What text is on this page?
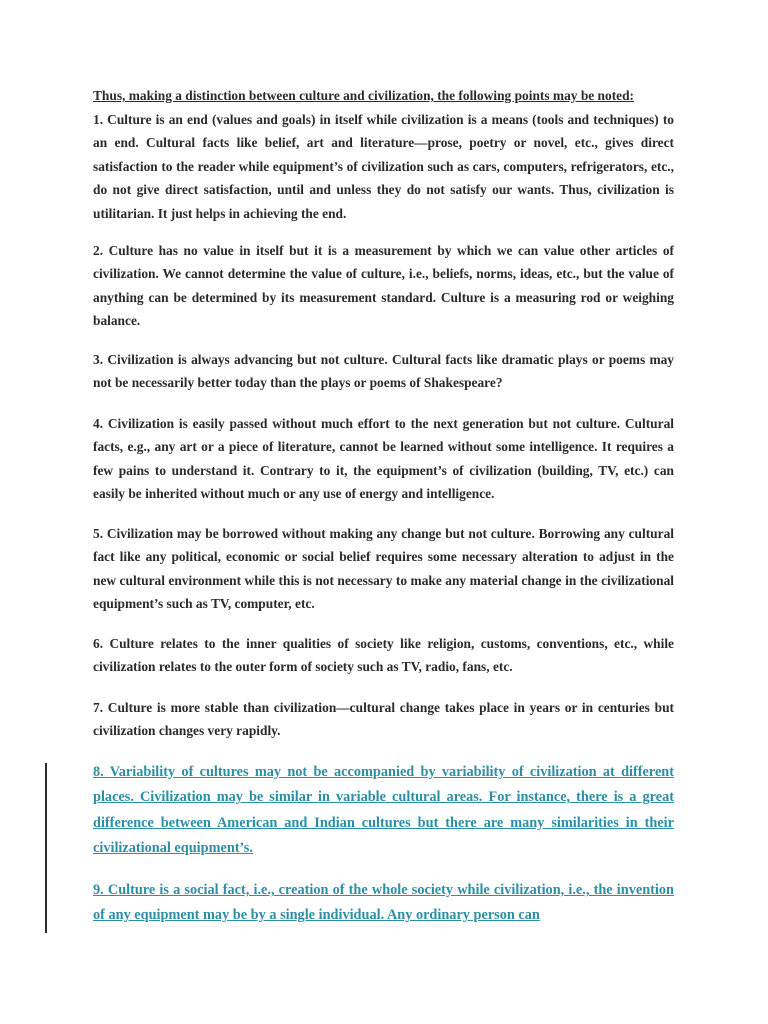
Thus, making a distinction between culture and civilization, the following points may be noted:

1. Culture is an end (values and goals) in itself while civilization is a means (tools and techniques) to an end. Cultural facts like belief, art and literature—prose, poetry or novel, etc., gives direct satisfaction to the reader while equipment’s of civilization such as cars, computers, refrigerators, etc., do not give direct satisfaction, until and unless they do not satisfy our wants. Thus, civilization is utilitarian. It just helps in achieving the end.

2. Culture has no value in itself but it is a measurement by which we can value other articles of civilization. We cannot determine the value of culture, i.e., beliefs, norms, ideas, etc., but the value of anything can be determined by its measurement standard. Culture is a measuring rod or weighing balance.

3. Civilization is always advancing but not culture. Cultural facts like dramatic plays or poems may not be necessarily better today than the plays or poems of Shakespeare?

4. Civilization is easily passed without much effort to the next generation but not culture. Cultural facts, e.g., any art or a piece of literature, cannot be learned without some intelligence. It requires a few pains to understand it. Contrary to it, the equipment’s of civilization (building, TV, etc.) can easily be inherited without much or any use of energy and intelligence.

5. Civilization may be borrowed without making any change but not culture. Borrowing any cultural fact like any political, economic or social belief requires some necessary alteration to adjust in the new cultural environment while this is not necessary to make any material change in the civilizational equipment’s such as TV, computer, etc.

6. Culture relates to the inner qualities of society like religion, customs, conventions, etc., while civilization relates to the outer form of society such as TV, radio, fans, etc.

7. Culture is more stable than civilization—cultural change takes place in years or in centuries but civilization changes very rapidly.

8. Variability of cultures may not be accompanied by variability of civilization at different places. Civilization may be similar in variable cultural areas. For instance, there is a great difference between American and Indian cultures but there are many similarities in their civilizational equipment’s.

9. Culture is a social fact, i.e., creation of the whole society while civilization, i.e., the invention of any equipment may be by a single individual. Any ordinary person can
